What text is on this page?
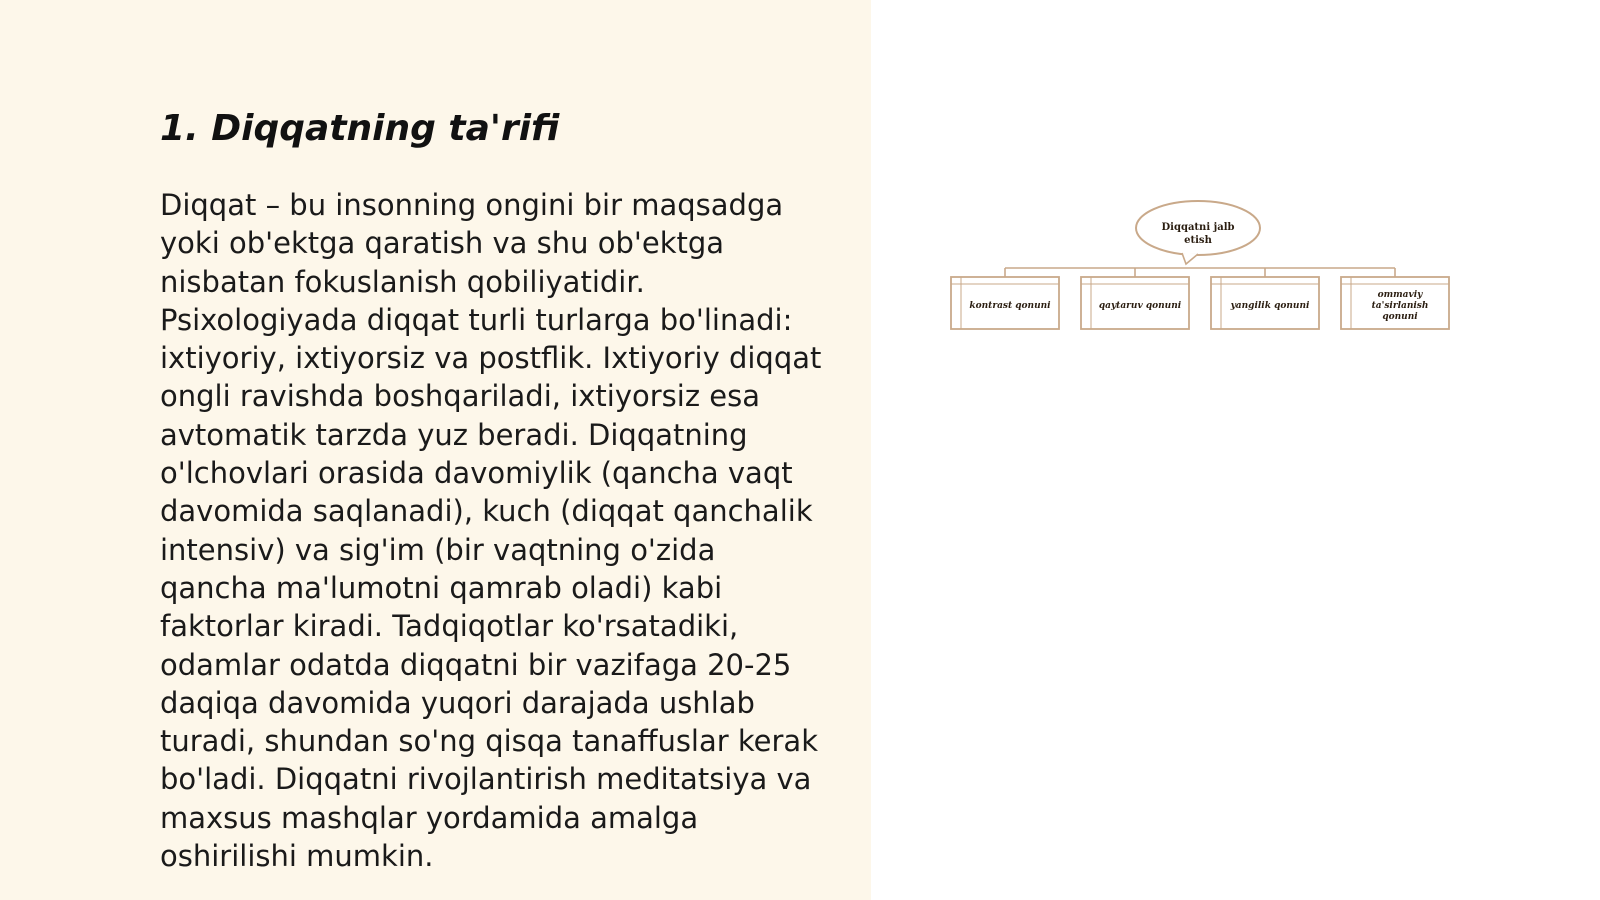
1. Diqqatning ta'rifi

Diqqat – bu insonning ongini bir maqsadga
yoki ob'ektga qaratish va shu ob'ektga
nisbatan fokuslanish qobiliyatidir.
Psixologiyada diqqat turli turlarga bo'linadi:
ixtiyoriy, ixtiyorsiz va postflik. Ixtiyoriy diqqat
ongli ravishda boshqariladi, ixtiyorsiz esa
avtomatik tarzda yuz beradi. Diqqatning
o'lchovlari orasida davomiylik (qancha vaqt
davomida saqlanadi), kuch (diqqat qanchalik
intensiv) va sig'im (bir vaqtning o'zida
qancha ma'lumotni qamrab oladi) kabi
faktorlar kiradi. Tadqiqotlar ko'rsatadiki,
odamlar odatda diqqatni bir vazifaga 20-25
daqiqa davomida yuqori darajada ushlab
turadi, shundan so'ng qisqa tanaffuslar kerak
bo'ladi. Diqqatni rivojlantirish meditatsiya va
maxsus mashqlar yordamida amalga
oshirilishi mumkin.

Diqqatni jalb
etish
kontrast qonuni	qaytaruv qonuni	yangilik qonuni
ommaviy
ta'sirlanish
qonuni
